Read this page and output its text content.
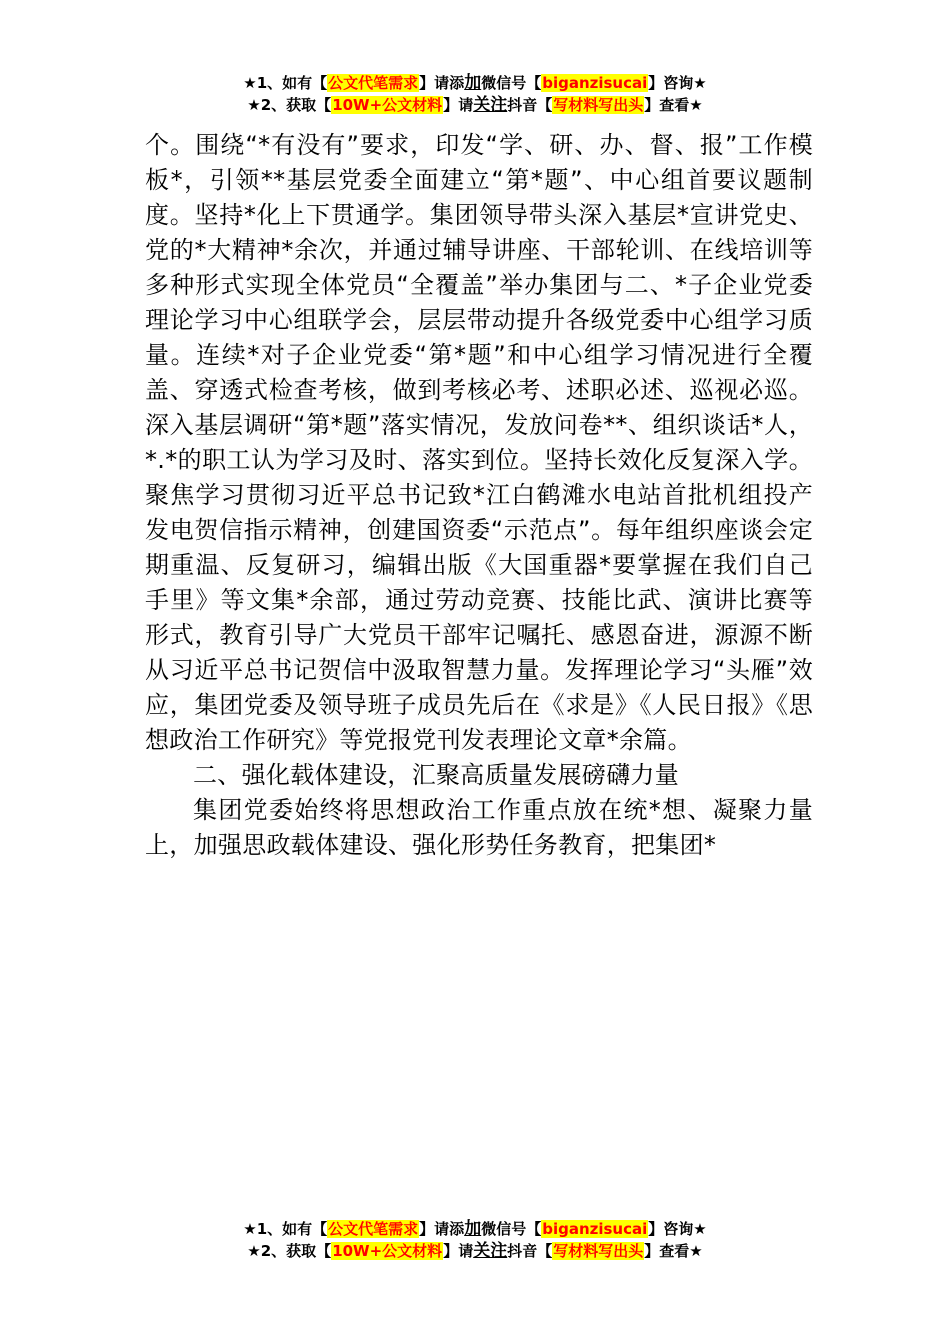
★1、如有【公文代笔需求】请添加微信号【biganzisucai】咨询★
★2、获取【10W+公文材料】请关注抖音【写材料写出头】查看★

个。围绕“*有没有”要求，印发“学、研、办、督、报”工作模板*，引领**基层党委全面建立“第*题”、中心组首要议题制度。坚持*化上下贯通学。集团领导带头深入基层*宣讲党史、党的*大精神*余次，并通过辅导讲座、干部轮训、在线培训等多种形式实现全体党员“全覆盖”举办集团与二、*子企业党委理论学习中心组联学会，层层带动提升各级党委中心组学习质量。连续*对子企业党委“第*题”和中心组学习情况进行全覆盖、穿透式检查考核，做到考核必考、述职必述、巡视必巡。深入基层调研“第*题”落实情况，发放问卷**、组织谈话*人，*.*的职工认为学习及时、落实到位。坚持长效化反复深入学。聚焦学习贯彻习近平总书记致*江白鹤滩水电站首批机组投产发电贺信指示精神，创建国资委“示范点”。每年组织座谈会定期重温、反复研习，编辑出版《大国重器*要掌握在我们自己手里》等文集*余部，通过劳动竞赛、技能比武、演讲比赛等形式，教育引导广大党员干部牢记嘱托、感恩奋进，源源不断从习近平总书记贺信中汲取智慧力量。发挥理论学习“头雁”效应，集团党委及领导班子成员先后在《求是》《人民日报》《思想政治工作研究》等党报党刊发表理论文章*余篇。

二、强化载体建设，汇聚高质量发展磅礴力量

集团党委始终将思想政治工作重点放在统*想、凝聚力量上，加强思政载体建设、强化形势任务教育，把集团*

★1、如有【公文代笔需求】请添加微信号【biganzisucai】咨询★
★2、获取【10W+公文材料】请关注抖音【写材料写出头】查看★
